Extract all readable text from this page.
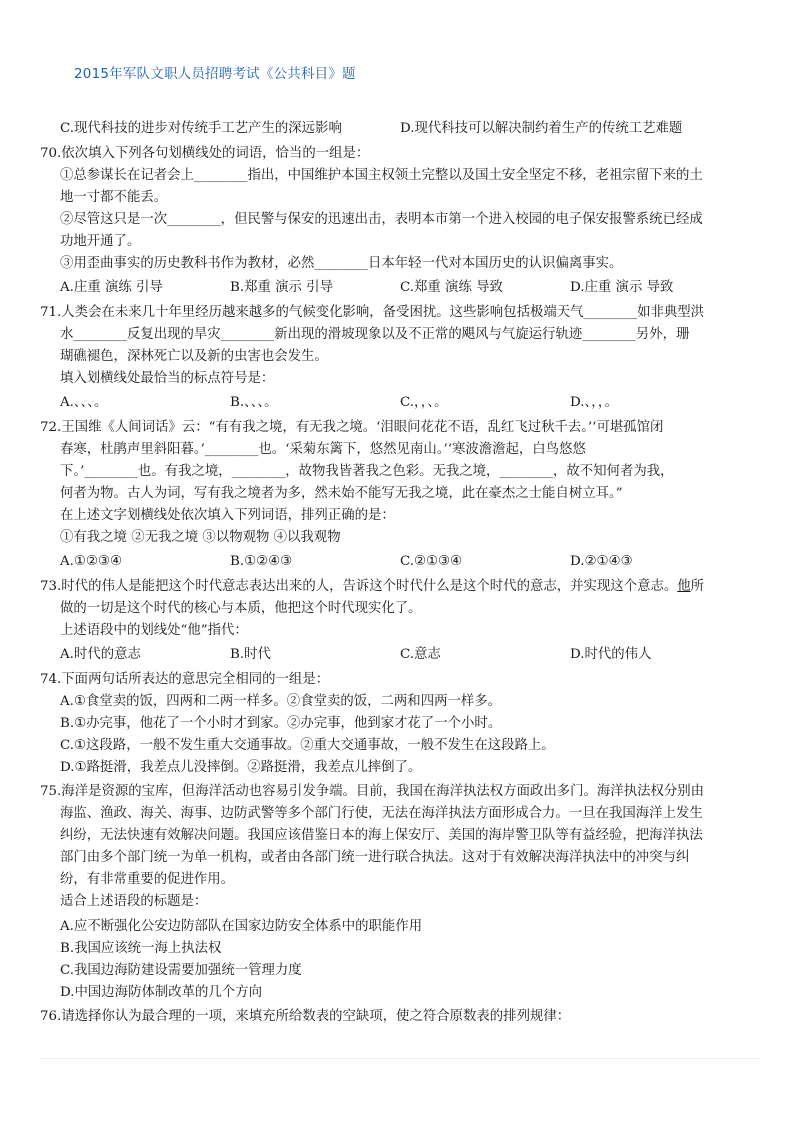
2015年军队文职人员招聘考试《公共科目》题
C.现代科技的进步对传统手工艺产生的深远影响	D.现代科技可以解决制约着生产的传统工艺难题
70.依次填入下列各句划横线处的词语，恰当的一组是：
①总参谋长在记者会上________指出，中国维护本国主权领土完整以及国土安全坚定不移，老祖宗留下来的土
地一寸都不能丢。
②尽管这只是一次________，但民警与保安的迅速出击，表明本市第一个进入校园的电子保安报警系统已经成
功地开通了。
③用歪曲事实的历史教科书作为教材，必然________日本年轻一代对本国历史的认识偏离事实。
A.庄重 演练 引导	B.郑重 演示 引导	C.郑重 演练 导致	D.庄重 演示 导致
71.人类会在未来几十年里经历越来越多的气候变化影响，备受困扰。这些影响包括极端天气________如非典型洪
水________反复出现的旱灾________新出现的滑坡现象以及不正常的飓风与气旋运行轨迹________另外，珊
瑚礁褪色，深林死亡以及新的虫害也会发生。
填入划横线处最恰当的标点符号是：
A.、、、。	B.、、、。	C.，，、。	D.、，，。
72.王国维《人间词话》云：“有有我之境，有无我之境。‘泪眼问花花不语，乱红飞过秋千去。’‘可堪孤馆闭
春寒，杜鹃声里斜阳暮。’________也。‘采菊东篱下，悠然见南山。’‘寒波澹澹起，白鸟悠悠
下。’________也。有我之境，________，故物我皆著我之色彩。无我之境，________，故不知何者为我，
何者为物。古人为词，写有我之境者为多，然未始不能写无我之境，此在豪杰之士能自树立耳。”
在上述文字划横线处依次填入下列词语，排列正确的是：
①有我之境 ②无我之境 ③以物观物 ④以我观物
A.①②③④	B.①②④③	C.②①③④	D.②①④③
73.时代的伟人是能把这个时代意志表达出来的人，告诉这个时代什么是这个时代的意志，并实现这个意志。他所
做的一切是这个时代的核心与本质，他把这个时代现实化了。
上述语段中的划线处“他”指代：
A.时代的意志	B.时代	C.意志	D.时代的伟人
74.下面两句话所表达的意思完全相同的一组是：
A.①食堂卖的饭，四两和二两一样多。②食堂卖的饭，二两和四两一样多。
B.①办完事，他花了一个小时才到家。②办完事，他到家才花了一个小时。
C.①这段路，一般不发生重大交通事故。②重大交通事故，一般不发生在这段路上。
D.①路挺滑，我差点儿没摔倒。②路挺滑，我差点儿摔倒了。
75.海洋是资源的宝库，但海洋活动也容易引发争端。目前，我国在海洋执法权方面政出多门。海洋执法权分别由
海监、渔政、海关、海事、边防武警等多个部门行使，无法在海洋执法方面形成合力。一旦在我国海洋上发生
纠纷，无法快速有效解决问题。我国应该借鉴日本的海上保安厅、美国的海岸警卫队等有益经验，把海洋执法
部门由多个部门统一为单一机构，或者由各部门统一进行联合执法。这对于有效解决海洋执法中的冲突与纠
纷，有非常重要的促进作用。
适合上述语段的标题是：
A.应不断强化公安边防部队在国家边防安全体系中的职能作用
B.我国应该统一海上执法权
C.我国边海防建设需要加强统一管理力度
D.中国边海防体制改革的几个方向
76.请选择你认为最合理的一项，来填充所给数表的空缺项，使之符合原数表的排列规律：
